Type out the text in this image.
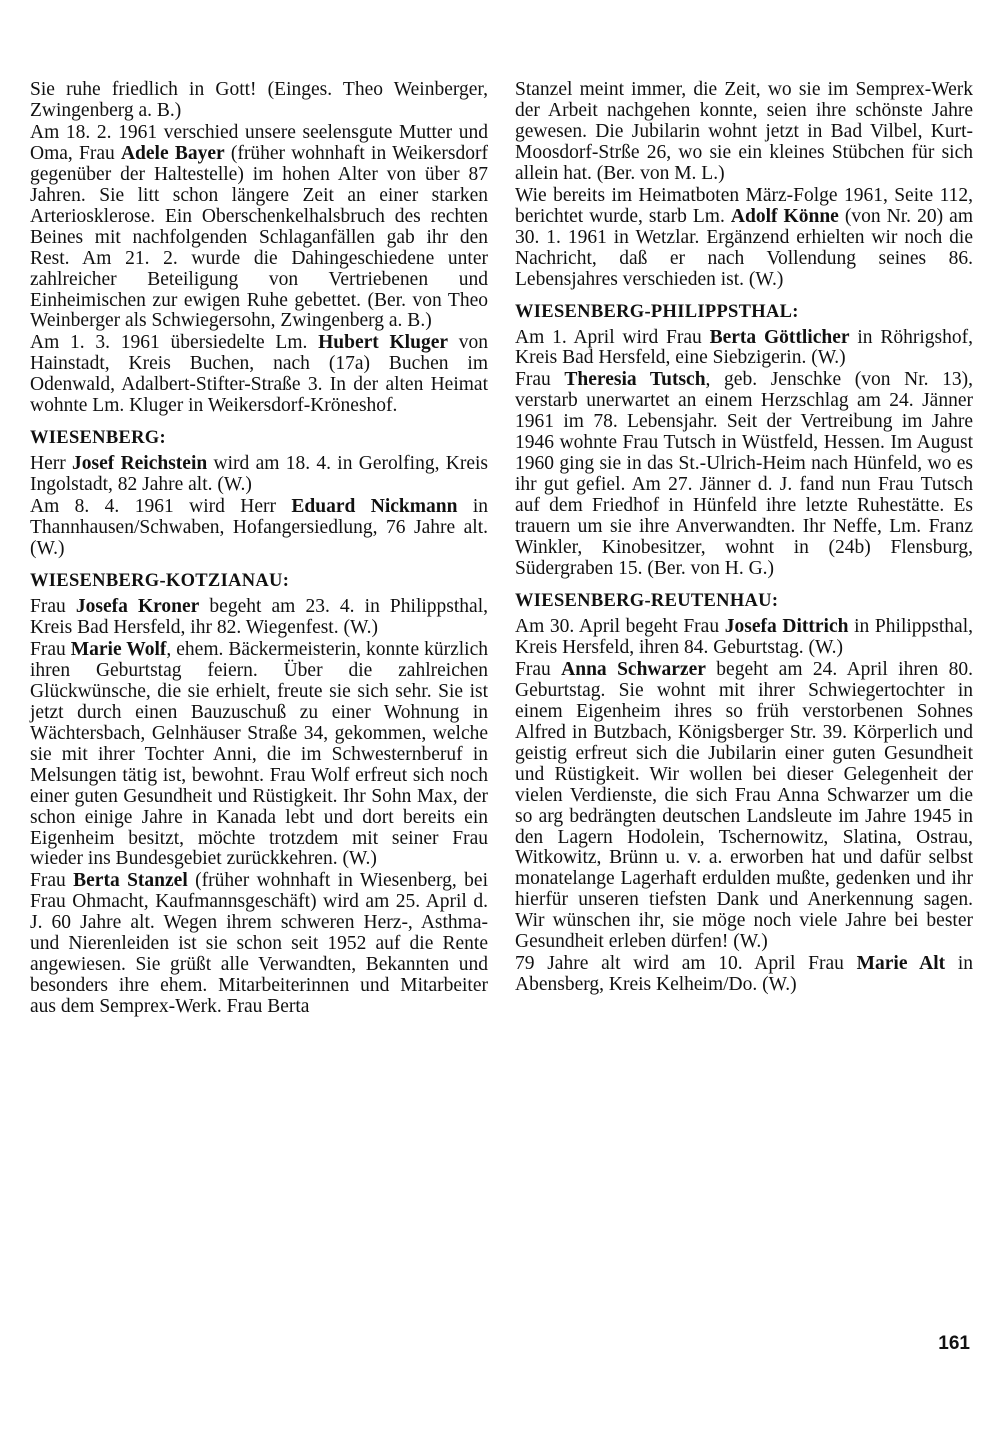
Sie ruhe friedlich in Gott! (Einges. Theo Weinberger, Zwingenberg a. B.)

Am 18. 2. 1961 verschied unsere seelensgute Mutter und Oma, Frau Adele Bayer (früher wohnhaft in Weikersdorf gegenüber der Haltestelle) im hohen Alter von über 87 Jahren. Sie litt schon längere Zeit an einer starken Arteriosklerose. Ein Oberschenkelhalsbruch des rechten Beines mit nachfolgenden Schlaganfällen gab ihr den Rest. Am 21. 2. wurde die Dahingeschiedene unter zahlreicher Beteiligung von Vertriebenen und Einheimischen zur ewigen Ruhe gebettet. (Ber. von Theo Weinberger als Schwiegersohn, Zwingenberg a. B.)

Am 1. 3. 1961 übersiedelte Lm. Hubert Kluger von Hainstadt, Kreis Buchen, nach (17a) Buchen im Odenwald, Adalbert-Stifter-Straße 3. In der alten Heimat wohnte Lm. Kluger in Weikersdorf-Kröneshof.

WIESENBERG:

Herr Josef Reichstein wird am 18. 4. in Gerolfing, Kreis Ingolstadt, 82 Jahre alt. (W.)

Am 8. 4. 1961 wird Herr Eduard Nickmann in Thannhausen/Schwaben, Hofangersiedlung, 76 Jahre alt. (W.)

WIESENBERG-KOTZIANAU:

Frau Josefa Kroner begeht am 23. 4. in Philippsthal, Kreis Bad Hersfeld, ihr 82. Wiegenfest. (W.)

Frau Marie Wolf, ehem. Bäckermeisterin, konnte kürzlich ihren Geburtstag feiern. Über die zahlreichen Glückwünsche, die sie erhielt, freute sie sich sehr. Sie ist jetzt durch einen Bauzuschuß zu einer Wohnung in Wächtersbach, Gelnhäuser Straße 34, gekommen, welche sie mit ihrer Tochter Anni, die im Schwesternberuf in Melsungen tätig ist, bewohnt. Frau Wolf erfreut sich noch einer guten Gesundheit und Rüstigkeit. Ihr Sohn Max, der schon einige Jahre in Kanada lebt und dort bereits ein Eigenheim besitzt, möchte trotzdem mit seiner Frau wieder ins Bundesgebiet zurückkehren. (W.)

Frau Berta Stanzel (früher wohnhaft in Wiesenberg, bei Frau Ohmacht, Kaufmannsgeschäft) wird am 25. April d. J. 60 Jahre alt. Wegen ihrem schweren Herz-, Asthma- und Nierenleiden ist sie schon seit 1952 auf die Rente angewiesen. Sie grüßt alle Verwandten, Bekannten und besonders ihre ehem. Mitarbeiterinnen und Mitarbeiter aus dem Semprex-Werk. Frau Berta

Stanzel meint immer, die Zeit, wo sie im Semprex-Werk der Arbeit nachgehen konnte, seien ihre schönste Jahre gewesen. Die Jubilarin wohnt jetzt in Bad Vilbel, Kurt-Moosdorf-Strße 26, wo sie ein kleines Stübchen für sich allein hat. (Ber. von M. L.)

Wie bereits im Heimatboten März-Folge 1961, Seite 112, berichtet wurde, starb Lm. Adolf Könne (von Nr. 20) am 30. 1. 1961 in Wetzlar. Ergänzend erhielten wir noch die Nachricht, daß er nach Vollendung seines 86. Lebensjahres verschieden ist. (W.)

WIESENBERG-PHILIPPSTHAL:

Am 1. April wird Frau Berta Göttlicher in Röhrigshof, Kreis Bad Hersfeld, eine Siebzigerin. (W.)

Frau Theresia Tutsch, geb. Jenschke (von Nr. 13), verstarb unerwartet an einem Herzschlag am 24. Jänner 1961 im 78. Lebensjahr. Seit der Vertreibung im Jahre 1946 wohnte Frau Tutsch in Wüstfeld, Hessen. Im August 1960 ging sie in das St.-Ulrich-Heim nach Hünfeld, wo es ihr gut gefiel. Am 27. Jänner d. J. fand nun Frau Tutsch auf dem Friedhof in Hünfeld ihre letzte Ruhestätte. Es trauern um sie ihre Anverwandten. Ihr Neffe, Lm. Franz Winkler, Kinobesitzer, wohnt in (24b) Flensburg, Südergraben 15. (Ber. von H. G.)

WIESENBERG-REUTENHAU:

Am 30. April begeht Frau Josefa Dittrich in Philippsthal, Kreis Hersfeld, ihren 84. Geburtstag. (W.)

Frau Anna Schwarzer begeht am 24. April ihren 80. Geburtstag. Sie wohnt mit ihrer Schwiegertochter in einem Eigenheim ihres so früh verstorbenen Sohnes Alfred in Butzbach, Königsberger Str. 39. Körperlich und geistig erfreut sich die Jubilarin einer guten Gesundheit und Rüstigkeit. Wir wollen bei dieser Gelegenheit der vielen Verdienste, die sich Frau Anna Schwarzer um die so arg bedrängten deutschen Landsleute im Jahre 1945 in den Lagern Hodolein, Tschernowitz, Slatina, Ostrau, Witkowitz, Brünn u. v. a. erworben hat und dafür selbst monatelange Lagerhaft erdulden mußte, gedenken und ihr hierfür unseren tiefsten Dank und Anerkennung sagen. Wir wünschen ihr, sie möge noch viele Jahre bei bester Gesundheit erleben dürfen! (W.)

79 Jahre alt wird am 10. April Frau Marie Alt in Abensberg, Kreis Kelheim/Do. (W.)

161
